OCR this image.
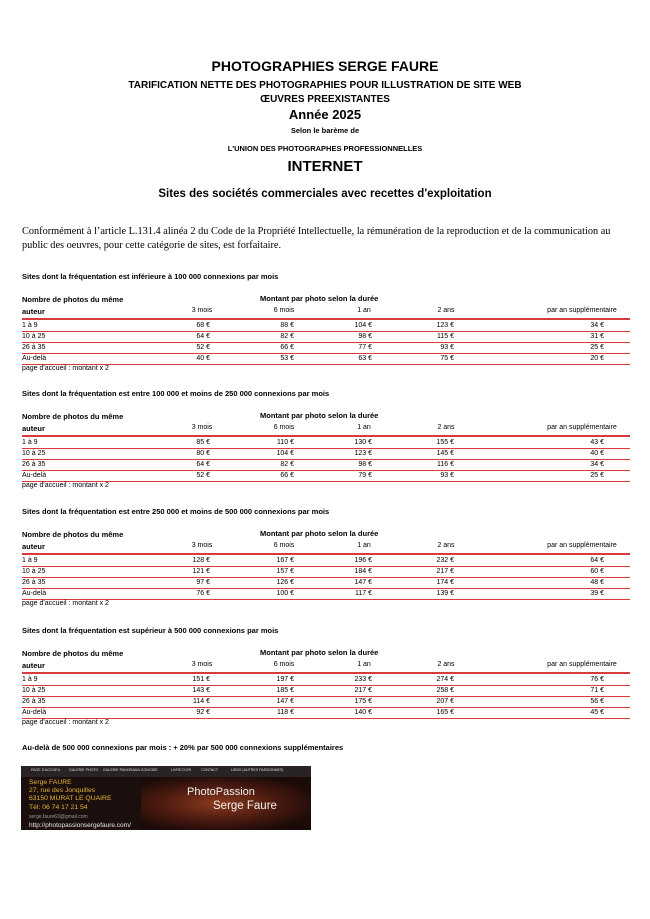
PHOTOGRAPHIES SERGE FAURE
TARIFICATION NETTE DES PHOTOGRAPHIES POUR ILLUSTRATION DE SITE WEB
ŒUVRES PREEXISTANTES
Année 2025
Selon le barème de
L'UNION DES PHOTOGRAPHES PROFESSIONNELLES
INTERNET
Sites des sociétés commerciales avec recettes d'exploitation
Conformément à l’article L.131.4 alinéa 2 du Code de la Propriété Intellectuelle, la rémunération de la reproduction et de la communication au public des oeuvres, pour cette catégorie de sites, est forfaitaire.
Sites dont la fréquentation est inférieure à 100 000 connexions par mois
Nombre de photos du même
auteur
Montant par photo selon la durée
3 mois	6 mois	1 an	2 ans	par an supplémentaire
1 à 9	68 €	88 €	104 €	123 €	34 €
10 à 25	64 €	82 €	98 €	115 €	31 €
26 à 35	52 €	66 €	77 €	93 €	25 €
Au-delà	40 €	53 €	63 €	75 €	20 €
page d'accueil : montant x 2
Sites dont la fréquentation est entre 100 000 et moins de 250 000 connexions par mois
Nombre de photos du même
auteur
Montant par photo selon la durée
3 mois	6 mois	1 an	2 ans	par an supplémentaire
1 à 9	85 €	110 €	130 €	155 €	43 €
10 à 25	80 €	104 €	123 €	145 €	40 €
26 à 35	64 €	82 €	98 €	116 €	34 €
Au-delà	52 €	66 €	79 €	93 €	25 €
page d'accueil : montant x 2
Sites dont la fréquentation est entre 250 000 et moins de 500 000 connexions par mois
Nombre de photos du même
auteur
Montant par photo selon la durée
3 mois	6 mois	1 an	2 ans	par an supplémentaire
1 à 9	128 €	167 €	196 €	232 €	64 €
10 à 25	121 €	157 €	184 €	217 €	60 €
26 à 35	97 €	126 €	147 €	174 €	48 €
Au-delà	76 €	100 €	117 €	139 €	39 €
page d'accueil : montant x 2
Sites dont la fréquentation est supérieur à 500 000 connexions par mois
Nombre de photos du même
auteur
Montant par photo selon la durée
3 mois	6 mois	1 an	2 ans	par an supplémentaire
1 à 9	151 €	197 €	233 €	274 €	76 €
10 à 25	143 €	185 €	217 €	258 €	71 €
26 à 35	114 €	147 €	175 €	207 €	56 €
Au-delà	92 €	118 €	140 €	165 €	45 €
page d'accueil : montant x 2
Au-delà de 500 000 connexions par mois : + 20% par 500 000 connexions supplémentaires
PAGE D'ACCUEIL GALERIE PHOTO GALERIE PANORAMA GONOIDE	LIVRE D'OR	CONTACT	LIENS (AUTRES PASSIONNES)
PhotoPassion
Serge Faure
Serge FAURE
27, rue des Jonquilles
63150 MURAT LE QUAIRE
Tél: 06 74 17 21 54
serge.faure63@gmail.com
http://photopassionsergefaure.com/
